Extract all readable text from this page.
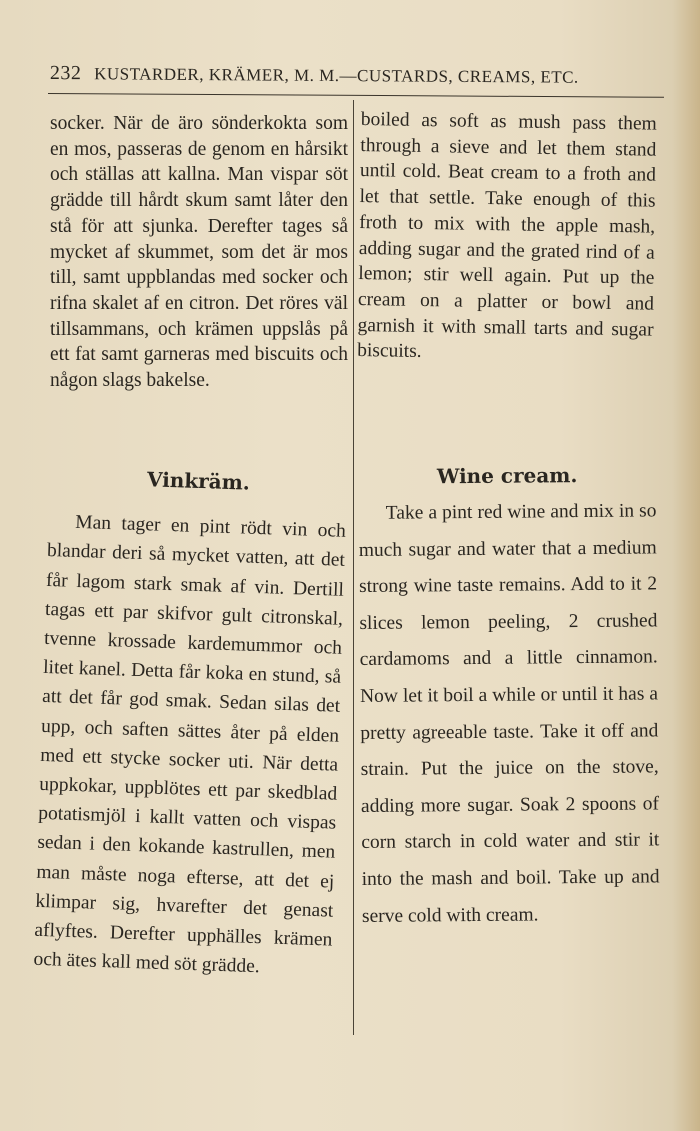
232 KUSTARDER, KRÄMER, M. M.—CUSTARDS, CREAMS, ETC.

socker. När de äro sönderkokta som en mos, passeras de genom en hårsikt och ställas att kallna. Man vispar söt grädde till hårdt skum samt låter den stå för att sjunka. Derefter tages så mycket af skummet, som det är mos till, samt uppblandas med socker och rifna skalet af en citron. Det röres väl tillsammans, och krämen uppslås på ett fat samt garneras med biscuits och någon slags bakelse.

boiled as soft as mush pass them through a sieve and let them stand until cold. Beat cream to a froth and let that settle. Take enough of this froth to mix with the apple mash, adding sugar and the grated rind of a lemon; stir well again. Put up the cream on a platter or bowl and garnish it with small tarts and sugar biscuits.

Vinkräm.

Man tager en pint rödt vin och blandar deri så mycket vatten, att det får lagom stark smak af vin. Dertill tagas ett par skifvor gult citronskal, tvenne krossade kardemummor och litet kanel. Detta får koka en stund, så att det får god smak. Sedan silas det upp, och saften sättes åter på elden med ett stycke socker uti. När detta uppkokar, uppblötes ett par skedblad potatismjöl i kallt vatten och vispas sedan i den kokande kastrullen, men man måste noga efterse, att det ej klimpar sig, hvarefter det genast aflyftes. Derefter upphälles krämen och ätes kall med söt grädde.

Wine cream.

Take a pint red wine and mix in so much sugar and water that a medium strong wine taste remains. Add to it 2 slices lemon peeling, 2 crushed cardamoms and a little cinnamon. Now let it boil a while or until it has a pretty agreeable taste. Take it off and strain. Put the juice on the stove, adding more sugar. Soak 2 spoons of corn starch in cold water and stir it into the mash and boil. Take up and serve cold with cream.
